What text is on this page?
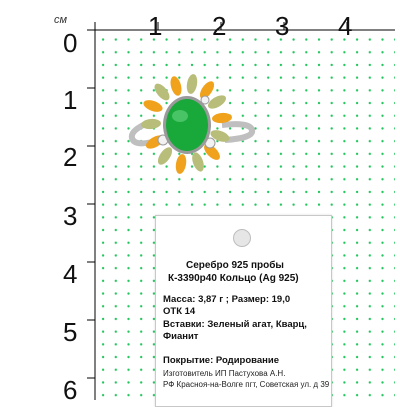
см	1 2 3 4
0
1
2
3
4
5
6
Серебро 925 пробы
К-3390р40 Кольцо (Ag 925)
Масса: 3,87 г ; Размер: 19,0
ОТК 14
Вставки: Зеленый агат, Кварц,
Фианит
Покрытие: Родирование
Изготовитель ИП Пастухова А.Н.
РФ Красноя-на-Волге пгт, Советская ул. д 39
